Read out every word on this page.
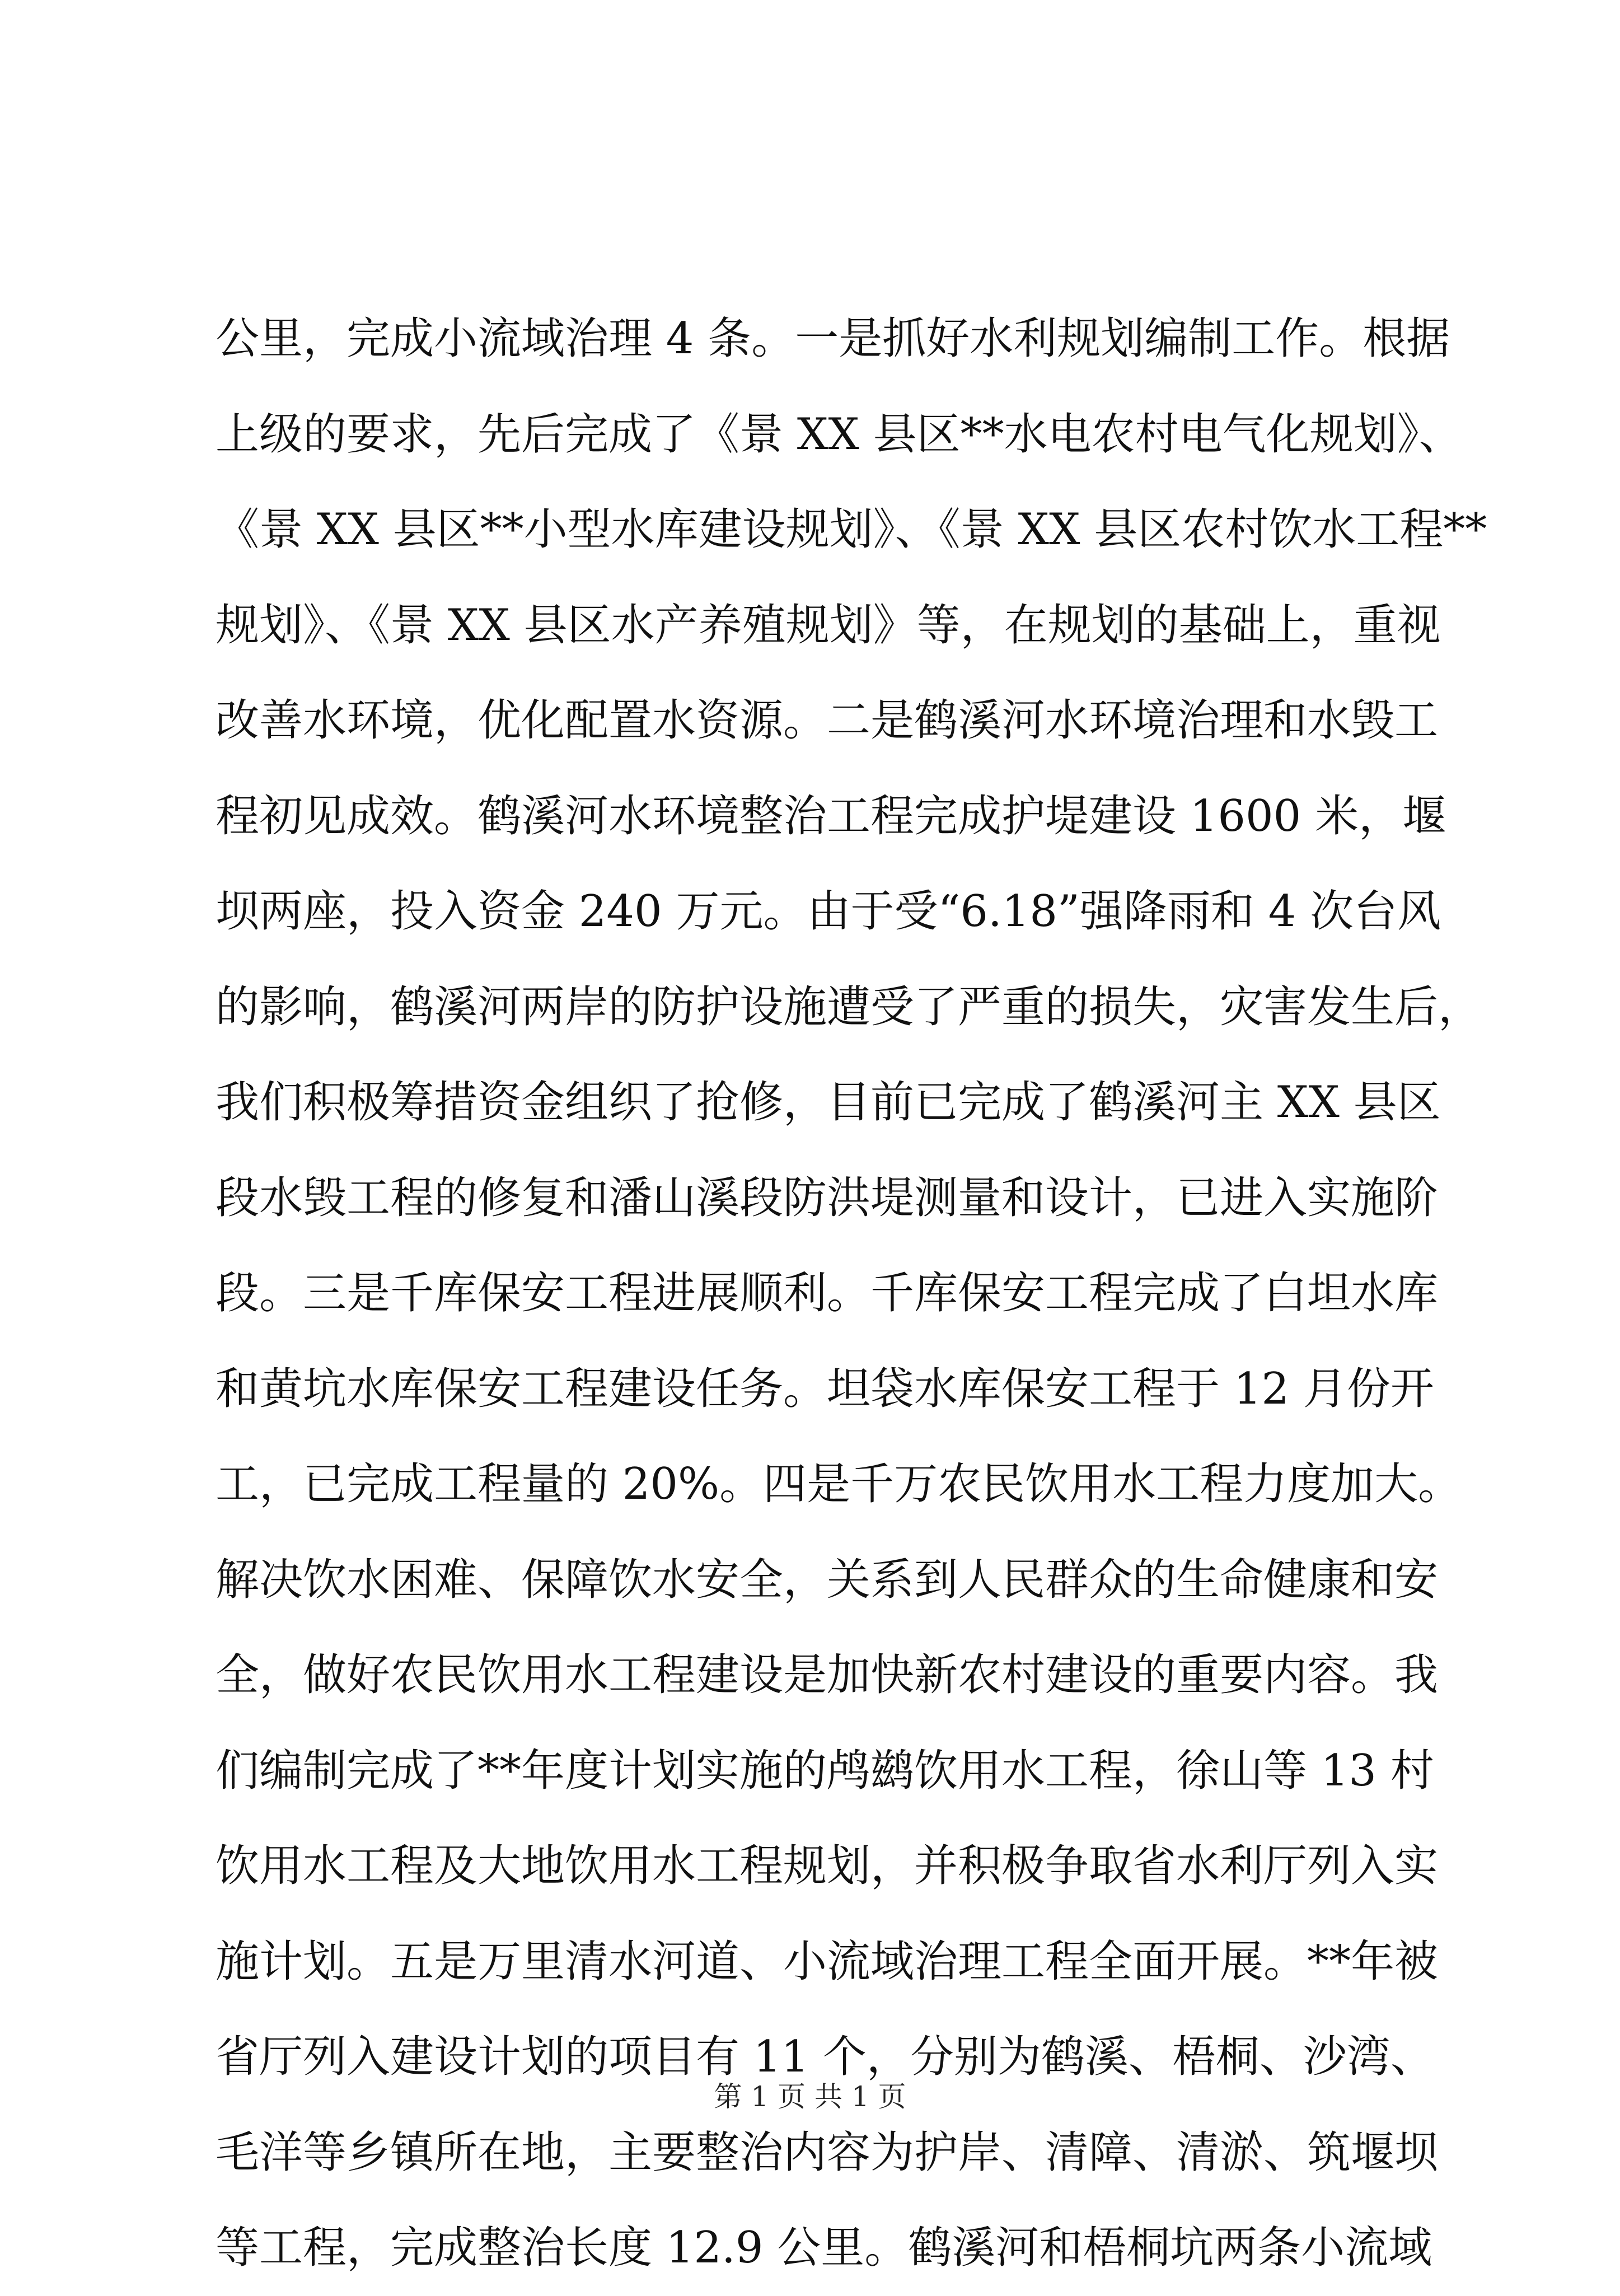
公里，完成小流域治理 4 条。一是抓好水利规划编制工作。根据
上级的要求，先后完成了《景 XX 县区**水电农村电气化规划》、
《景 XX 县区**小型水库建设规划》、《景 XX 县区农村饮水工程**
规划》、《景 XX 县区水产养殖规划》等，在规划的基础上，重视
改善水环境，优化配置水资源。二是鹤溪河水环境治理和水毁工
程初见成效。鹤溪河水环境整治工程完成护堤建设 1600 米，堰
坝两座，投入资金 240 万元。由于受“6.18”强降雨和 4 次台风
的影响，鹤溪河两岸的防护设施遭受了严重的损失，灾害发生后，
我们积极筹措资金组织了抢修，目前已完成了鹤溪河主 XX 县区
段水毁工程的修复和潘山溪段防洪堤测量和设计，已进入实施阶
段。三是千库保安工程进展顺利。千库保安工程完成了白坦水库
和黄坑水库保安工程建设任务。坦袋水库保安工程于 12 月份开
工，已完成工程量的 20%。四是千万农民饮用水工程力度加大。
解决饮水困难、保障饮水安全，关系到人民群众的生命健康和安
全，做好农民饮用水工程建设是加快新农村建设的重要内容。我
们编制完成了**年度计划实施的鸬鹚饮用水工程，徐山等 13 村
饮用水工程及大地饮用水工程规划，并积极争取省水利厅列入实
施计划。五是万里清水河道、小流域治理工程全面开展。**年被
省厅列入建设计划的项目有 11 个，分别为鹤溪、梧桐、沙湾、
毛洋等乡镇所在地，主要整治内容为护岸、清障、清淤、筑堰坝
等工程，完成整治长度 12.9 公里。鹤溪河和梧桐坑两条小流域
第 1 页 共 1 页
